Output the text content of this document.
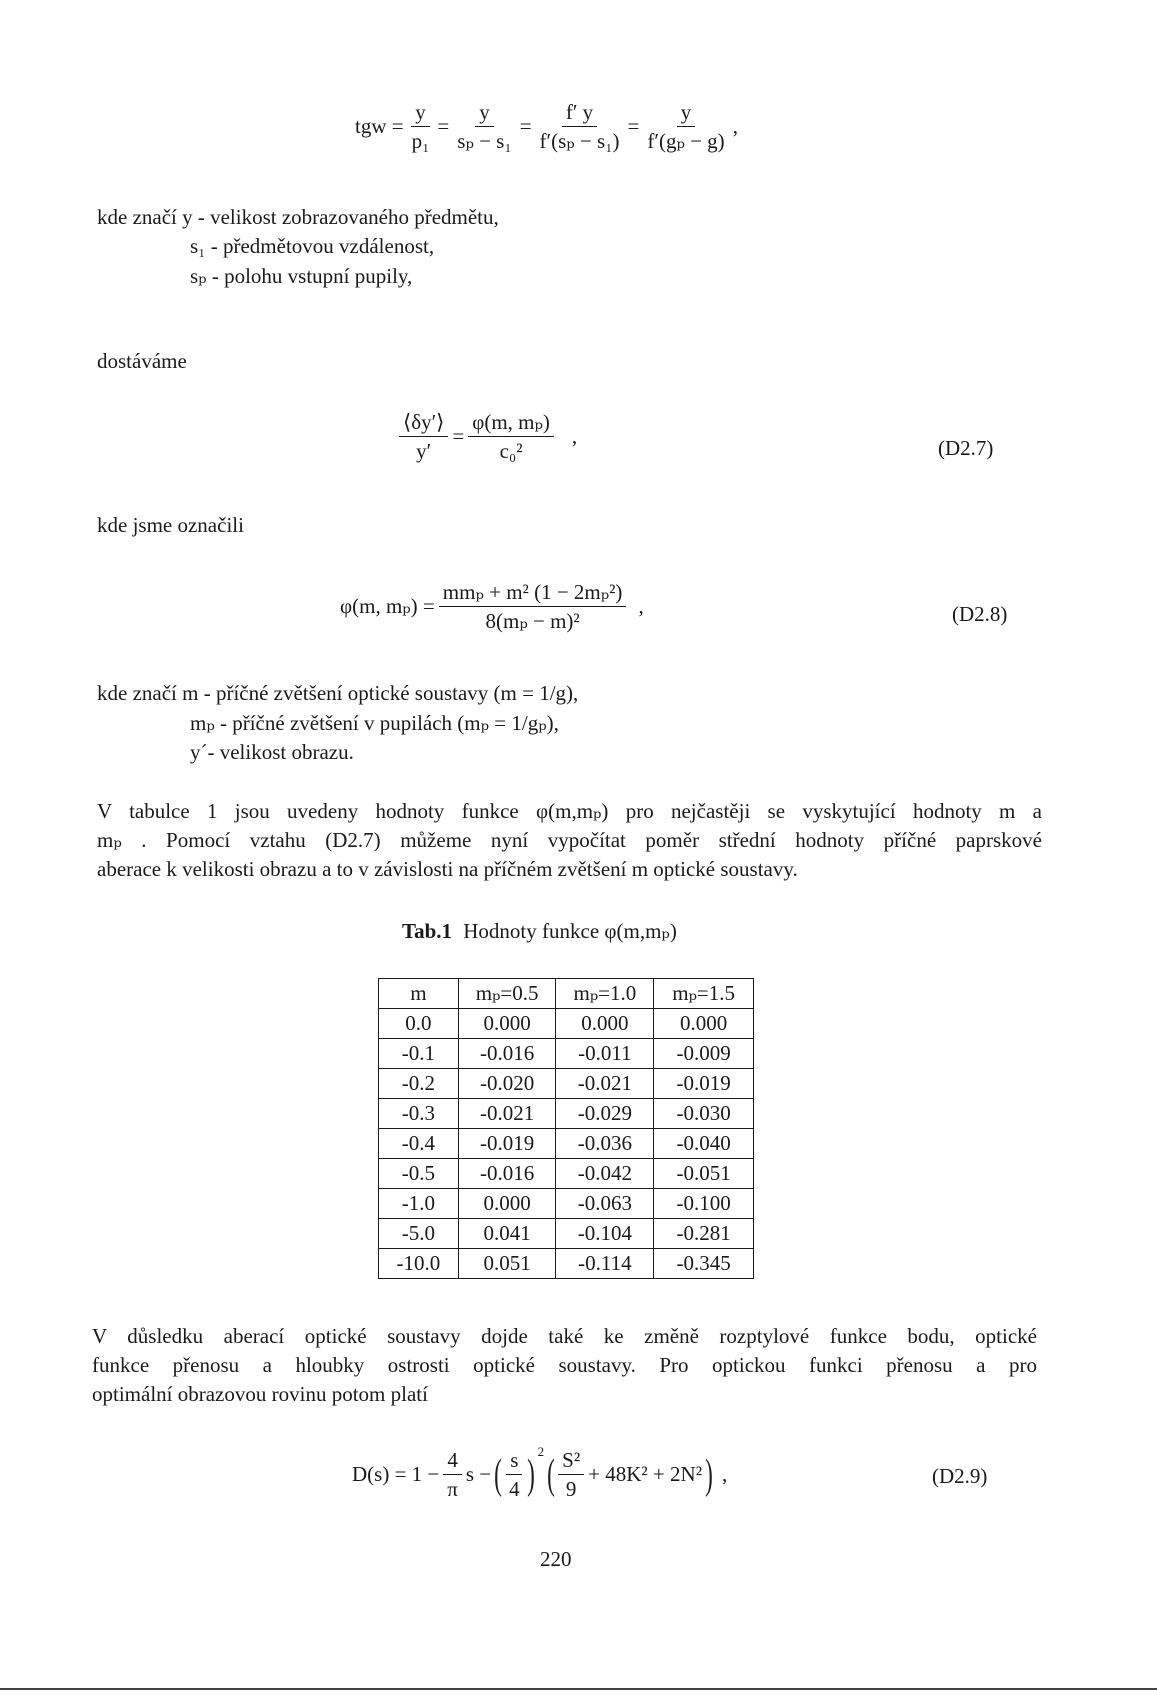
tgw = $\frac{y}{\text{p₁}} = \frac{y}{\text{sₚ − s₁}} = \frac{f' y}{\text{f′(sₚ − s₁)}} = \frac{y}{\text{f′(gₚ − g)}}$ ,
kde značí y - velikost zobrazovaného předmětu,
s₁ - předmětovou vzdálenost,
sₚ - polohu vstupní pupily,
dostáváme
$\frac{⟨\delta y'⟩}{y'} = \frac{\text{φ(m, mₚ)}}{\text{c₀²}}$ ,	(D2.7)
kde jsme označili
φ(m, $m_p) = \frac{\text{mmₚ + m² (1 − 2mₚ²)}}{\text{8(mₚ − m)²}}$ ,	(D2.8)
kde značí m - příčné zvětšení optické soustavy (m = 1/g),
mₚ - příčné zvětšení v pupilách (mₚ = 1/gₚ),
y´- velikost obrazu.
V tabulce 1 jsou uvedeny hodnoty funkce φ(m,mₚ) pro nejčastěji se vyskytující hodnoty m a
mₚ . Pomocí vztahu (D2.7) můžeme nyní vypočítat poměr střední hodnoty příčné paprskové
aberace k velikosti obrazu a to v závislosti na příčném zvětšení m optické soustavy.
Tab.1 Hodnoty funkce φ(m,mₚ)
m	mₚ=0.5	mₚ=1.0	mₚ=1.5
0.0	0.000	0.000	0.000
-0.1	-0.016	-0.011	-0.009
-0.2	-0.020	-0.021	-0.019
-0.3	-0.021	-0.029	-0.030
-0.4	-0.019	-0.036	-0.040
-0.5	-0.016	-0.042	-0.051
-1.0	0.000	-0.063	-0.100
-5.0	0.041	-0.104	-0.281
-10.0	0.051	-0.114	-0.345
V důsledku aberací optické soustavy dojde také ke změně rozptylové funkce bodu, optické
funkce přenosu a hloubky ostrosti optické soustavy. Pro optickou funkci přenosu a pro
optimální obrazovou rovinu potom platí
$D(s) = 1 - \frac{4}{\pi}$ s − ( $\frac{s}{4} )^2$ ( $\frac{\text{S²}}{9} + 48K^2 + 2N^2$ ) ,	(D2.9)
220
